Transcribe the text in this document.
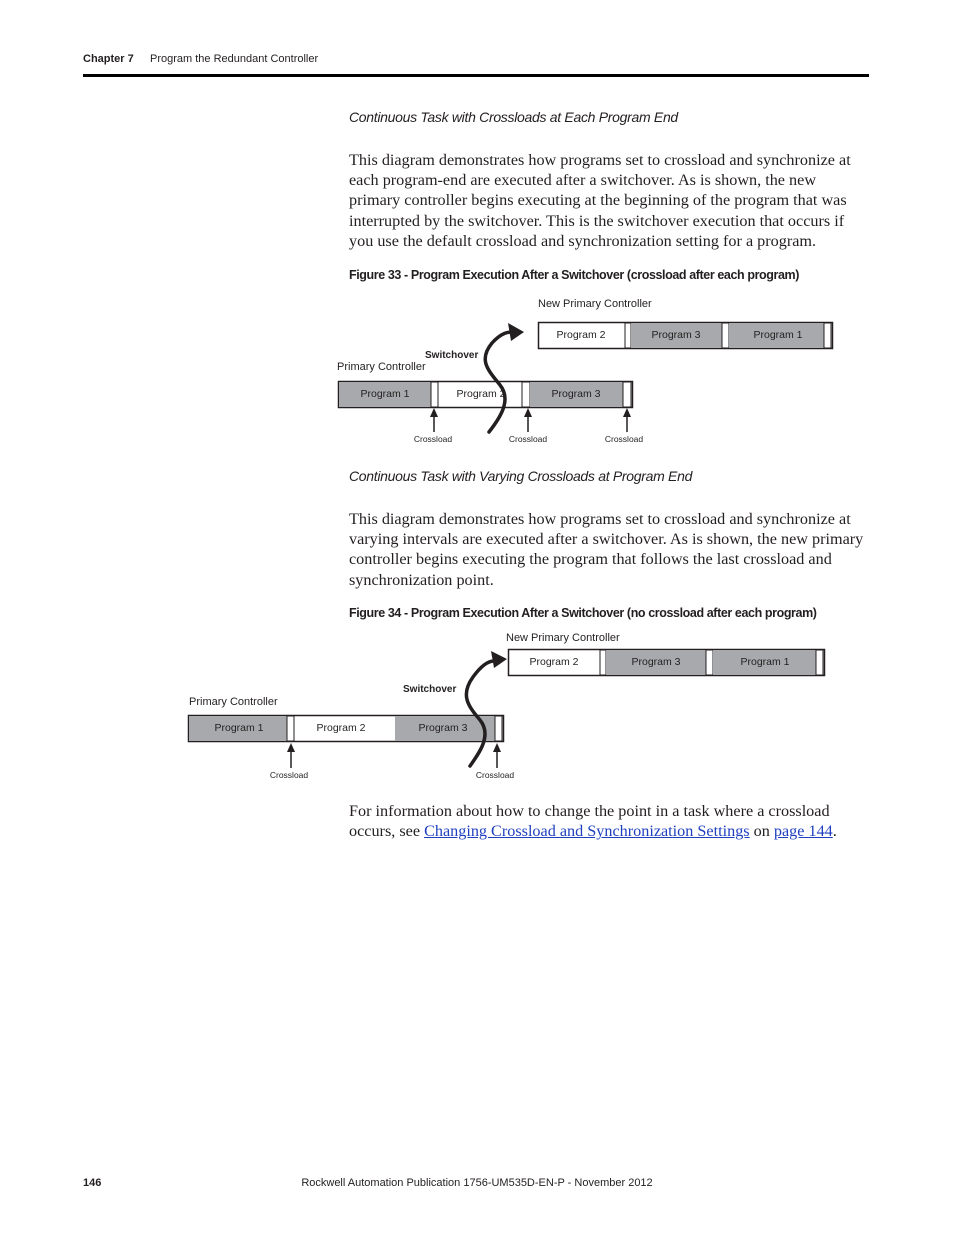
Chapter 7 Program the Redundant Controller
Continuous Task with Crossloads at Each Program End

This diagram demonstrates how programs set to crossload and synchronize at each program-end are executed after a switchover. As is shown, the new primary controller begins executing at the beginning of the program that was interrupted by the switchover. This is the switchover execution that occurs if you use the default crossload and synchronization setting for a program.

Figure 33 - Program Execution After a Switchover (crossload after each program)
New Primary Controller
Program 2	Program 3	Program 1
Switchover
Primary Controller
Program 1	Program 2	Program 3
Crossload	Crossload	Crossload
Continuous Task with Varying Crossloads at Program End

This diagram demonstrates how programs set to crossload and synchronize at varying intervals are executed after a switchover. As is shown, the new primary controller begins executing the program that follows the last crossload and synchronization point.

Figure 34 - Program Execution After a Switchover (no crossload after each program)
New Primary Controller
Program 2	Program 3	Program 1
Switchover
Primary Controller
Program 1	Program 2	Program 3
Crossload	Crossload

For information about how to change the point in a task where a crossload occurs, see Changing Crossload and Synchronization Settings on page 144.

146	Rockwell Automation Publication 1756-UM535D-EN-P - November 2012
